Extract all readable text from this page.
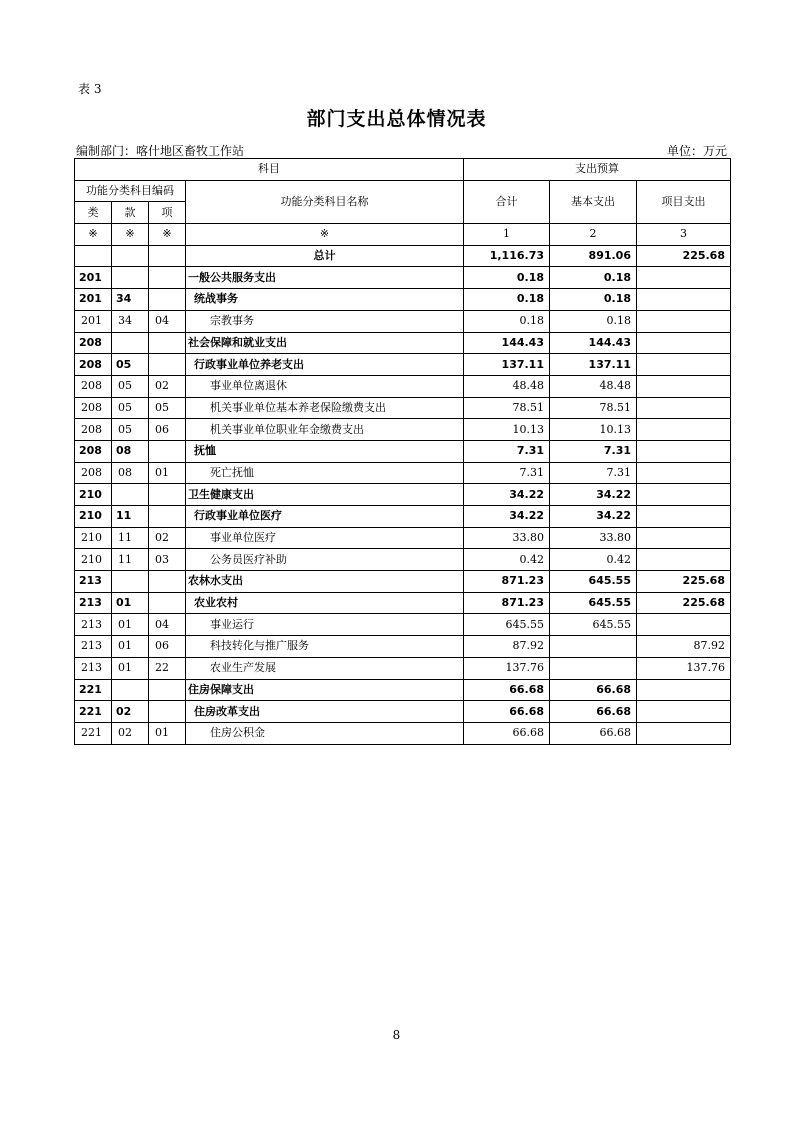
表 3
部门支出总体情况表
编制部门：喀什地区畜牧工作站	单位：万元
科目				支出预算		
功能分类科目编码			功能分类科目名称	合计	基本支出	项目支出
类	款	项				
※	※	※	※	1	2	3
			总计	1,116.73	891.06	225.68
201			一般公共服务支出	0.18	0.18	
201	34		统战事务	0.18	0.18	
201	34	04	宗教事务	0.18	0.18	
208			社会保障和就业支出	144.43	144.43	
208	05		行政事业单位养老支出	137.11	137.11	
208	05	02	事业单位离退休	48.48	48.48	
208	05	05	机关事业单位基本养老保险缴费支出	78.51	78.51	
208	05	06	机关事业单位职业年金缴费支出	10.13	10.13	
208	08		抚恤	7.31	7.31	
208	08	01	死亡抚恤	7.31	7.31	
210			卫生健康支出	34.22	34.22	
210	11		行政事业单位医疗	34.22	34.22	
210	11	02	事业单位医疗	33.80	33.80	
210	11	03	公务员医疗补助	0.42	0.42	
213			农林水支出	871.23	645.55	225.68
213	01		农业农村	871.23	645.55	225.68
213	01	04	事业运行	645.55	645.55	
213	01	06	科技转化与推广服务	87.92		87.92
213	01	22	农业生产发展	137.76		137.76
221			住房保障支出	66.68	66.68	
221	02		住房改革支出	66.68	66.68	
221	02	01	住房公积金	66.68	66.68	
8
